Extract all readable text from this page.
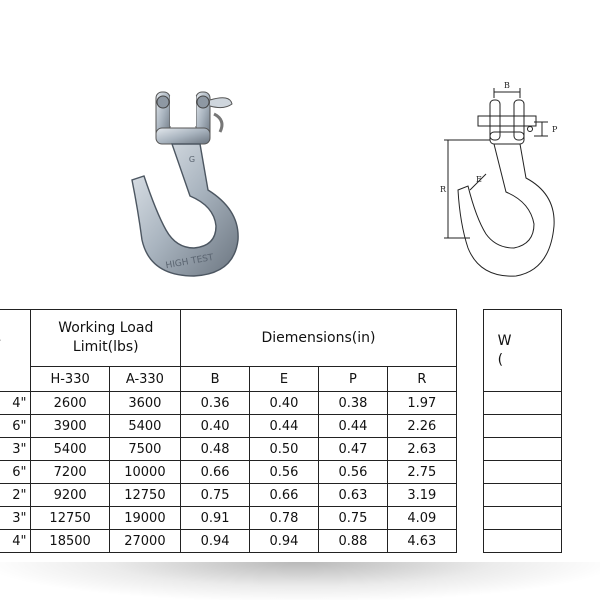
HIGH TEST
G
B
P
E
R

	Working Load
Limit(lbs)		Diemensions(in)					W
(
	H-330	A-330	B	E	P	R		
4"	2600	3600	0.36	0.40	0.38	1.97		
6"	3900	5400	0.40	0.44	0.44	2.26		
3"	5400	7500	0.48	0.50	0.47	2.63		
6"	7200	10000	0.66	0.56	0.56	2.75		
2"	9200	12750	0.75	0.66	0.63	3.19		
3"	12750	19000	0.91	0.78	0.75	4.09		
4"	18500	27000	0.94	0.94	0.88	4.63		
